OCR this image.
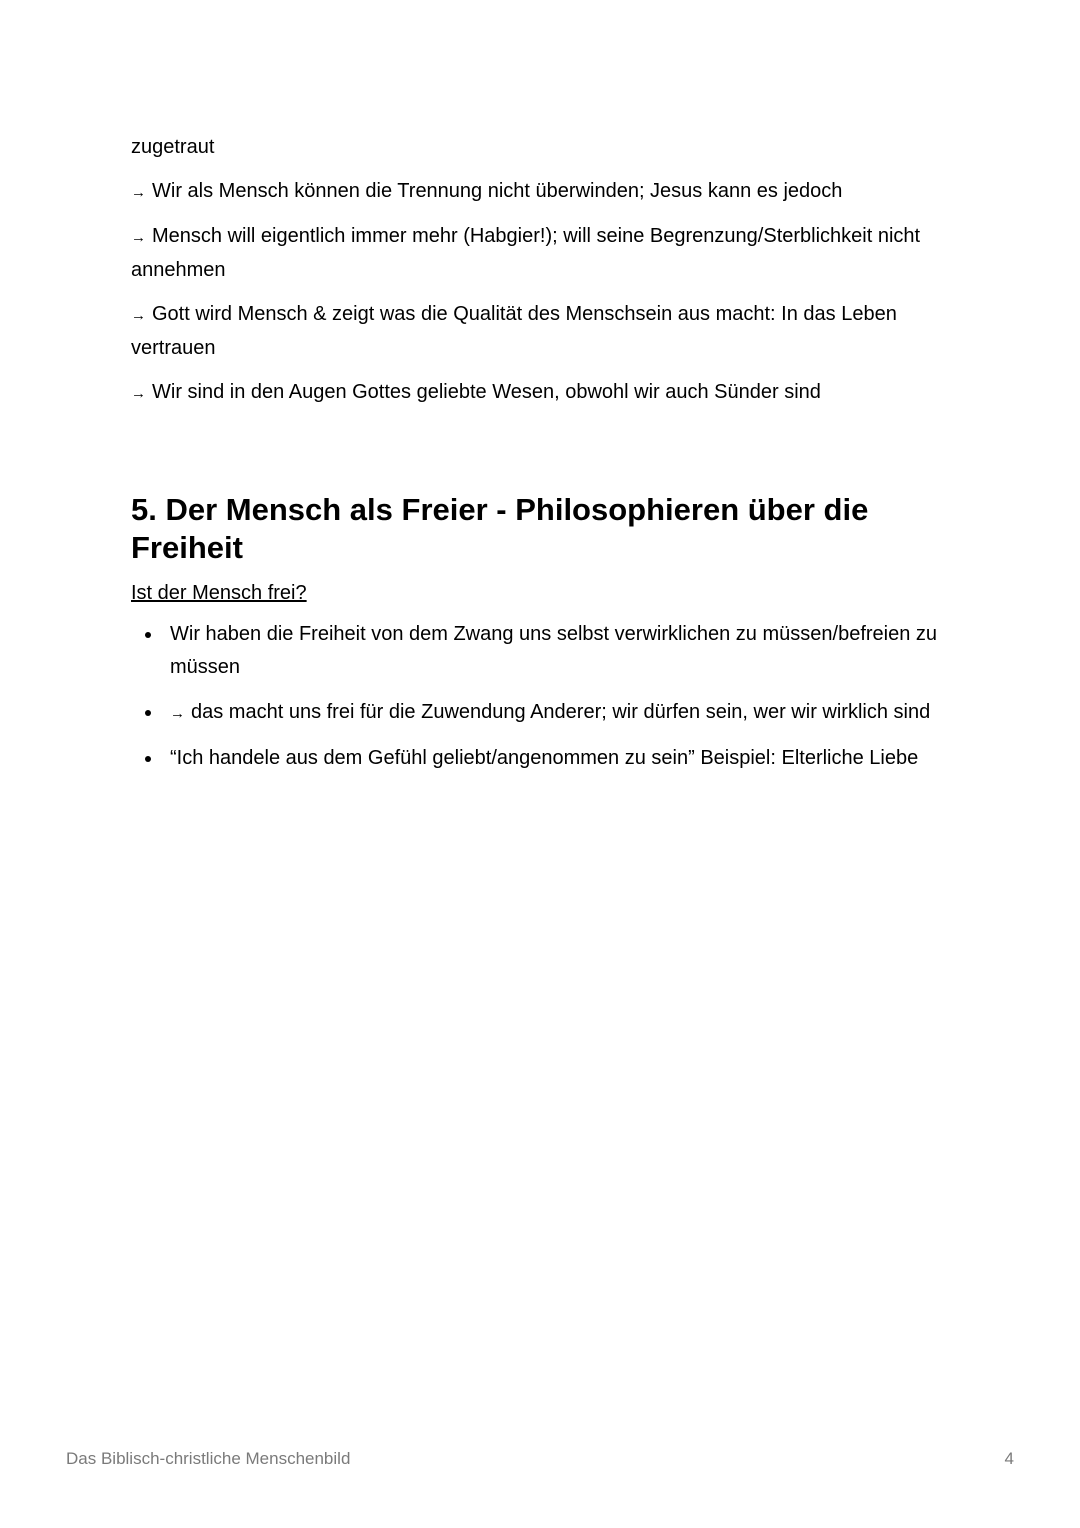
zugetraut

→ Wir als Mensch können die Trennung nicht überwinden; Jesus kann es jedoch

→ Mensch will eigentlich immer mehr (Habgier!); will seine Begrenzung/Sterblichkeit nicht annehmen

→ Gott wird Mensch & zeigt was die Qualität des Menschsein aus macht: In das Leben vertrauen

→ Wir sind in den Augen Gottes geliebte Wesen, obwohl wir auch Sünder sind

5. Der Mensch als Freier - Philosophieren über die Freiheit

Ist der Mensch frei?

Wir haben die Freiheit von dem Zwang uns selbst verwirklichen zu müssen/befreien zu müssen
→ das macht uns frei für die Zuwendung Anderer; wir dürfen sein, wer wir wirklich sind
“Ich handele aus dem Gefühl geliebt/angenommen zu sein” Beispiel: Elterliche Liebe
Das Biblisch-christliche Menschenbild	4
